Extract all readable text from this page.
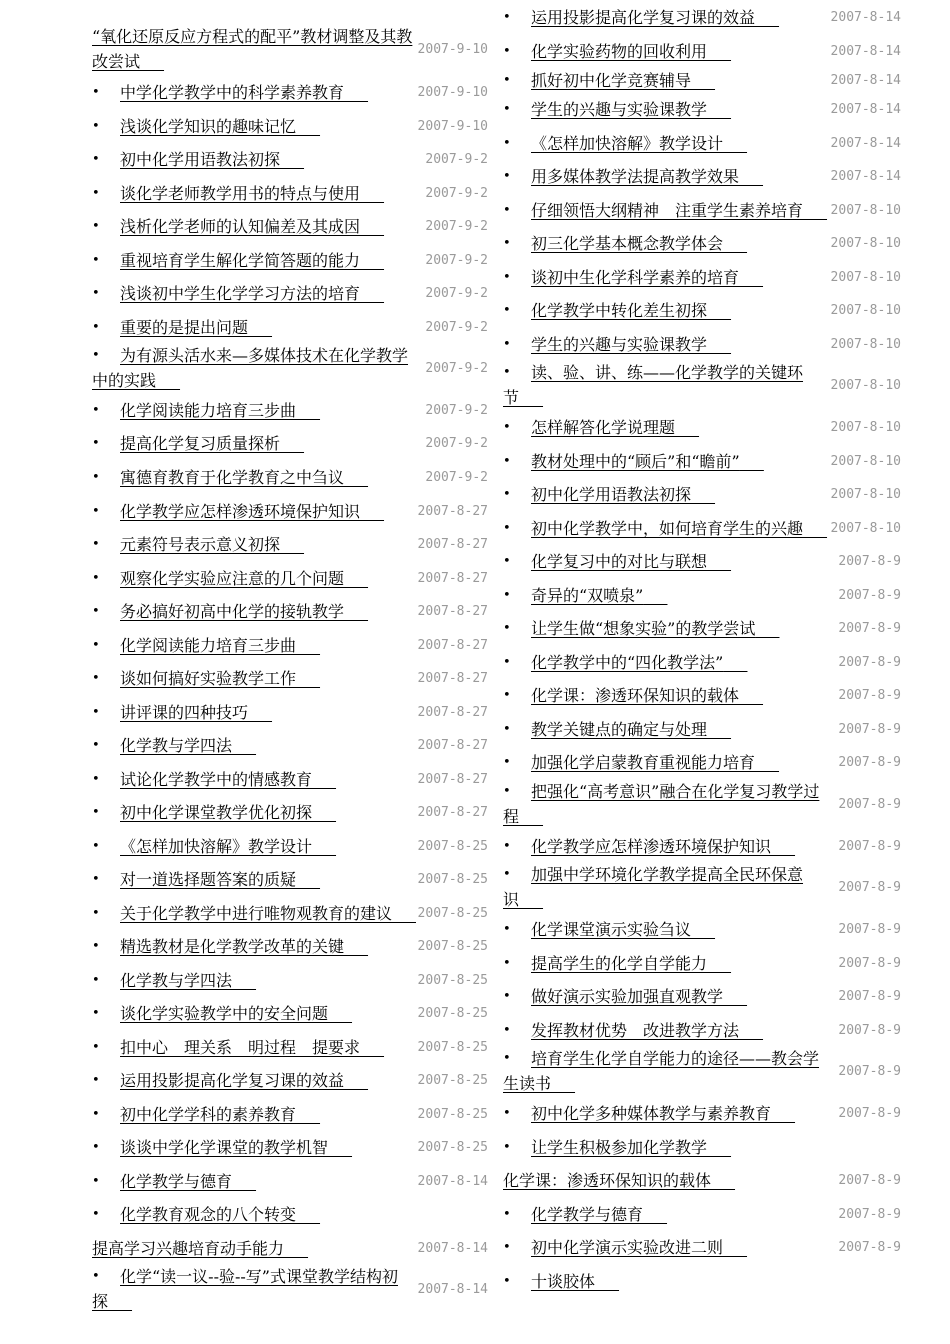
“氧化还原反应方程式的配平”教材调整及其教改尝试
2007-9-10
• 中学化学教学中的科学素养教育	2007-9-10
• 浅谈化学知识的趣味记忆	2007-9-10
• 初中化学用语教法初探	2007-9-2
• 谈化学老师教学用书的特点与使用	2007-9-2
• 浅析化学老师的认知偏差及其成因	2007-9-2
• 重视培育学生解化学简答题的能力	2007-9-2
• 浅谈初中学生化学学习方法的培育	2007-9-2
• 重要的是提出问题	2007-9-2
• 为有源头活水来—多媒体技术在化学教学中的实践
2007-9-2
• 化学阅读能力培育三步曲	2007-9-2
• 提高化学复习质量探析	2007-9-2
• 寓德育教育于化学教育之中刍议	2007-9-2
• 化学教学应怎样渗透环境保护知识	2007-8-27
• 元素符号表示意义初探	2007-8-27
• 观察化学实验应注意的几个问题	2007-8-27
• 务必搞好初高中化学的接轨教学	2007-8-27
• 化学阅读能力培育三步曲	2007-8-27
• 谈如何搞好实验教学工作	2007-8-27
• 讲评课的四种技巧	2007-8-27
• 化学教与学四法	2007-8-27
• 试论化学教学中的情感教育	2007-8-27
• 初中化学课堂教学优化初探	2007-8-27
• 《怎样加快溶解》教学设计	2007-8-25
• 对一道选择题答案的质疑	2007-8-25
• 关于化学教学中进行唯物观教育的建议	2007-8-25
• 精选教材是化学教学改革的关键	2007-8-25
• 化学教与学四法	2007-8-25
• 谈化学实验教学中的安全问题	2007-8-25
• 扣中心　理关系　明过程　提要求	2007-8-25
• 运用投影提高化学复习课的效益	2007-8-25
• 初中化学学科的素养教育	2007-8-25
• 谈谈中学化学课堂的教学机智	2007-8-25
• 化学教学与德育	2007-8-14
• 化学教育观念的八个转变
提高学习兴趣培育动手能力	2007-8-14
• 化学“读一议--验--写”式课堂教学结构初探
2007-8-14
• 运用投影提高化学复习课的效益	2007-8-14
• 化学实验药物的回收利用	2007-8-14
• 抓好初中化学竞赛辅导	2007-8-14
• 学生的兴趣与实验课教学	2007-8-14
• 《怎样加快溶解》教学设计	2007-8-14
• 用多媒体教学法提高教学效果	2007-8-14
• 仔细领悟大纲精神　注重学生素养培育	2007-8-10
• 初三化学基本概念教学体会	2007-8-10
• 谈初中生化学科学素养的培育	2007-8-10
• 化学教学中转化差生初探	2007-8-10
• 学生的兴趣与实验课教学	2007-8-10
• 读、验、讲、练——化学教学的关键环节
2007-8-10
• 怎样解答化学说理题	2007-8-10
• 教材处理中的“顾后”和“瞻前”	2007-8-10
• 初中化学用语教法初探	2007-8-10
• 初中化学教学中，如何培育学生的兴趣	2007-8-10
• 化学复习中的对比与联想	2007-8-9
• 奇异的“双喷泉”	2007-8-9
• 让学生做“想象实验”的教学尝试	2007-8-9
• 化学教学中的“四化教学法”	2007-8-9
• 化学课：渗透环保知识的载体	2007-8-9
• 教学关键点的确定与处理	2007-8-9
• 加强化学启蒙教育重视能力培育	2007-8-9
• 把强化“高考意识”融合在化学复习教学过程
2007-8-9
• 化学教学应怎样渗透环境保护知识	2007-8-9
• 加强中学环境化学教学提高全民环保意识
2007-8-9
• 化学课堂演示实验刍议	2007-8-9
• 提高学生的化学自学能力	2007-8-9
• 做好演示实验加强直观教学	2007-8-9
• 发挥教材优势　改进教学方法	2007-8-9
• 培育学生化学自学能力的途径——教会学生读书
2007-8-9
• 初中化学多种媒体教学与素养教育	2007-8-9
• 让学生积极参加化学教学
化学课：渗透环保知识的载体	2007-8-9
• 化学教学与德育	2007-8-9
• 初中化学演示实验改进二则	2007-8-9
• 十谈胶体
